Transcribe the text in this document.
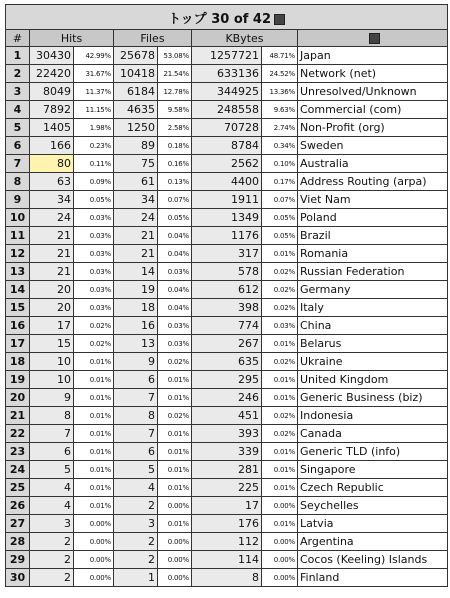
トップ 30 of 42							
#	Hits		Files		KBytes		
1	30430	42.99%	25678	53.08%	1257721	48.71%	Japan
2	22420	31.67%	10418	21.54%	633136	24.52%	Network (net)
3	8049	11.37%	6184	12.78%	344925	13.36%	Unresolved/Unknown
4	7892	11.15%	4635	9.58%	248558	9.63%	Commercial (com)
5	1405	1.98%	1250	2.58%	70728	2.74%	Non-Profit (org)
6	166	0.23%	89	0.18%	8784	0.34%	Sweden
7	80	0.11%	75	0.16%	2562	0.10%	Australia
8	63	0.09%	61	0.13%	4400	0.17%	Address Routing (arpa)
9	34	0.05%	34	0.07%	1911	0.07%	Viet Nam
10	24	0.03%	24	0.05%	1349	0.05%	Poland
11	21	0.03%	21	0.04%	1176	0.05%	Brazil
12	21	0.03%	21	0.04%	317	0.01%	Romania
13	21	0.03%	14	0.03%	578	0.02%	Russian Federation
14	20	0.03%	19	0.04%	612	0.02%	Germany
15	20	0.03%	18	0.04%	398	0.02%	Italy
16	17	0.02%	16	0.03%	774	0.03%	China
17	15	0.02%	13	0.03%	267	0.01%	Belarus
18	10	0.01%	9	0.02%	635	0.02%	Ukraine
19	10	0.01%	6	0.01%	295	0.01%	United Kingdom
20	9	0.01%	7	0.01%	246	0.01%	Generic Business (biz)
21	8	0.01%	8	0.02%	451	0.02%	Indonesia
22	7	0.01%	7	0.01%	393	0.02%	Canada
23	6	0.01%	6	0.01%	339	0.01%	Generic TLD (info)
24	5	0.01%	5	0.01%	281	0.01%	Singapore
25	4	0.01%	4	0.01%	225	0.01%	Czech Republic
26	4	0.01%	2	0.00%	17	0.00%	Seychelles
27	3	0.00%	3	0.01%	176	0.01%	Latvia
28	2	0.00%	2	0.00%	112	0.00%	Argentina
29	2	0.00%	2	0.00%	114	0.00%	Cocos (Keeling) Islands
30	2	0.00%	1	0.00%	8	0.00%	Finland
